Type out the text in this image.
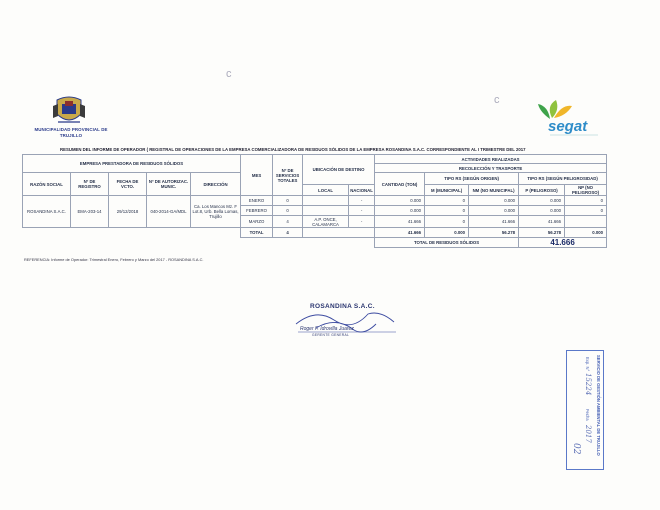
c
c
MUNICIPALIDAD PROVINCIAL DE TRUJILLO	segat
RESUMEN DEL INFORME DE OPERADOR ( REGISTRAL DE OPERACIONES DE LA EMPRESA COMERCIALIZADORA DE RESIDUOS SÓLIDOS DE LA EMPRESA ROSANDINA S.A.C. CORRESPONDIENTE AL I TRIMESTRE DEL 2017
EMPRESA PRESTADORA DE RESIDUOS SÓLIDOS					MES	Nº DE SERVICIOS TOTALES	UBICACIÓN DE DESTINO		ACTIVIDADES REALIZADAS				
									RECOLECCIÓN Y TRASPORTE				
RAZÓN SOCIAL	Nº DE REGISTRO	FECHA DE VCTO.	Nº DE AUTORIZAC. MUNIC.	DIRECCIÓN					CANTIDAD (TON)	TIPO RS (SEGÚN ORIGEN)		TIPO RS (SEGÚN PELIGROSIDAD)	
							LOCAL	NACIONAL		M (MUNICIPAL)	NM (NO MUNICIPAL)	P (PELIGROSO)	NP (NO PELIGROSO)
ROSANDINA S.A.C.	EMA-203-14	29/12/2018	040-2014-GA/MDL	Ca. Los Mancos Mz. F Lot.8, Urb. Bella Lomas, Trujillo	ENERO	0		-	0.000	0	0.000	0.000	0
					FEBRERO	0		-	0.000	0	0.000	0.000	0
					MARZO	4	A.P. ONCE, CALAMARCA	-	41.666	0	41.666	41.666	
					TOTAL	4			41.666	0.000	56.278	56.278	0.000
									TOTAL DE RESIDUOS SÓLIDOS			41.666	
REFERENCIA: Informe de Operador: Trimestral Enero, Febrero y Marzo del 2017 - ROSANDINA S.A.C.
ROSANDINA S.A.C.
Roger F. Idrovilla Juarez
GERENTE GENERAL
SERVICIO DE GESTIÓN AMBIENTAL DE TRUJILLO
Exp. N°
15224
Fecha
2017
02
